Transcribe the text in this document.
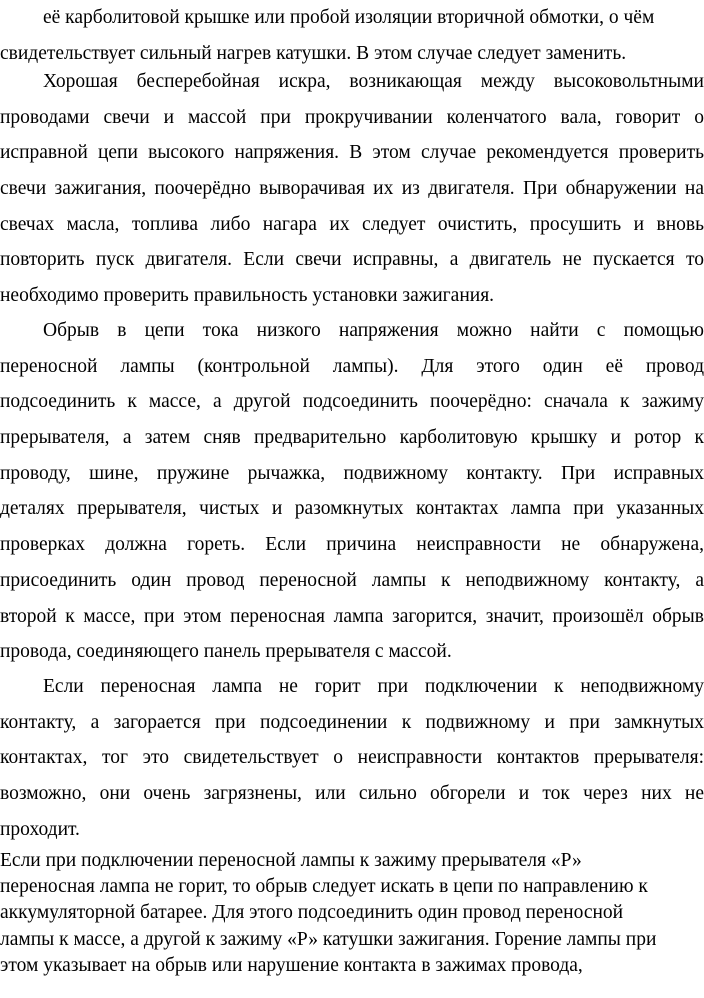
её карболитовой крышке или пробой изоляции вторичной обмотки, о чём
свидетельствует сильный нагрев катушки. В этом случае следует заменить.
Хорошая бесперебойная искра, возникающая между высоковольтными
проводами свечи и массой при прокручивании коленчатого вала, говорит о
исправной цепи высокого напряжения. В этом случае рекомендуется проверить
свечи зажигания, поочерёдно выворачивая их из двигателя. При обнаружении на
свечах масла, топлива либо нагара их следует очистить, просушить и вновь
повторить пуск двигателя. Если свечи исправны, а двигатель не пускается то
необходимо проверить правильность установки зажигания.
Обрыв в цепи тока низкого напряжения можно найти с помощью
переносной лампы (контрольной лампы). Для этого один её провод
подсоединить к массе, а другой подсоединить поочерёдно: сначала к зажиму
прерывателя, а затем сняв предварительно карболитовую крышку и ротор к
проводу, шине, пружине рычажка, подвижному контакту. При исправных
деталях прерывателя, чистых и разомкнутых контактах лампа при указанных
проверках должна гореть. Если причина неисправности не обнаружена,
присоединить один провод переносной лампы к неподвижному контакту, а
второй к массе, при этом переносная лампа загорится, значит, произошёл обрыв
провода, соединяющего панель прерывателя с массой.
Если переносная лампа не горит при подключении к неподвижному
контакту, а загорается при подсоединении к подвижному и при замкнутых
контактах, тог это свидетельствует о неисправности контактов прерывателя:
возможно, они очень загрязнены, или сильно обгорели и ток через них не
проходит.
Если при подключении переносной лампы к зажиму прерывателя «Р»
переносная лампа не горит, то обрыв следует искать в цепи по направлению к
аккумуляторной батарее. Для этого подсоединить один провод переносной
лампы к массе, а другой к зажиму «Р» катушки зажигания. Горение лампы при
этом указывает на обрыв или нарушение контакта в зажимах провода,
